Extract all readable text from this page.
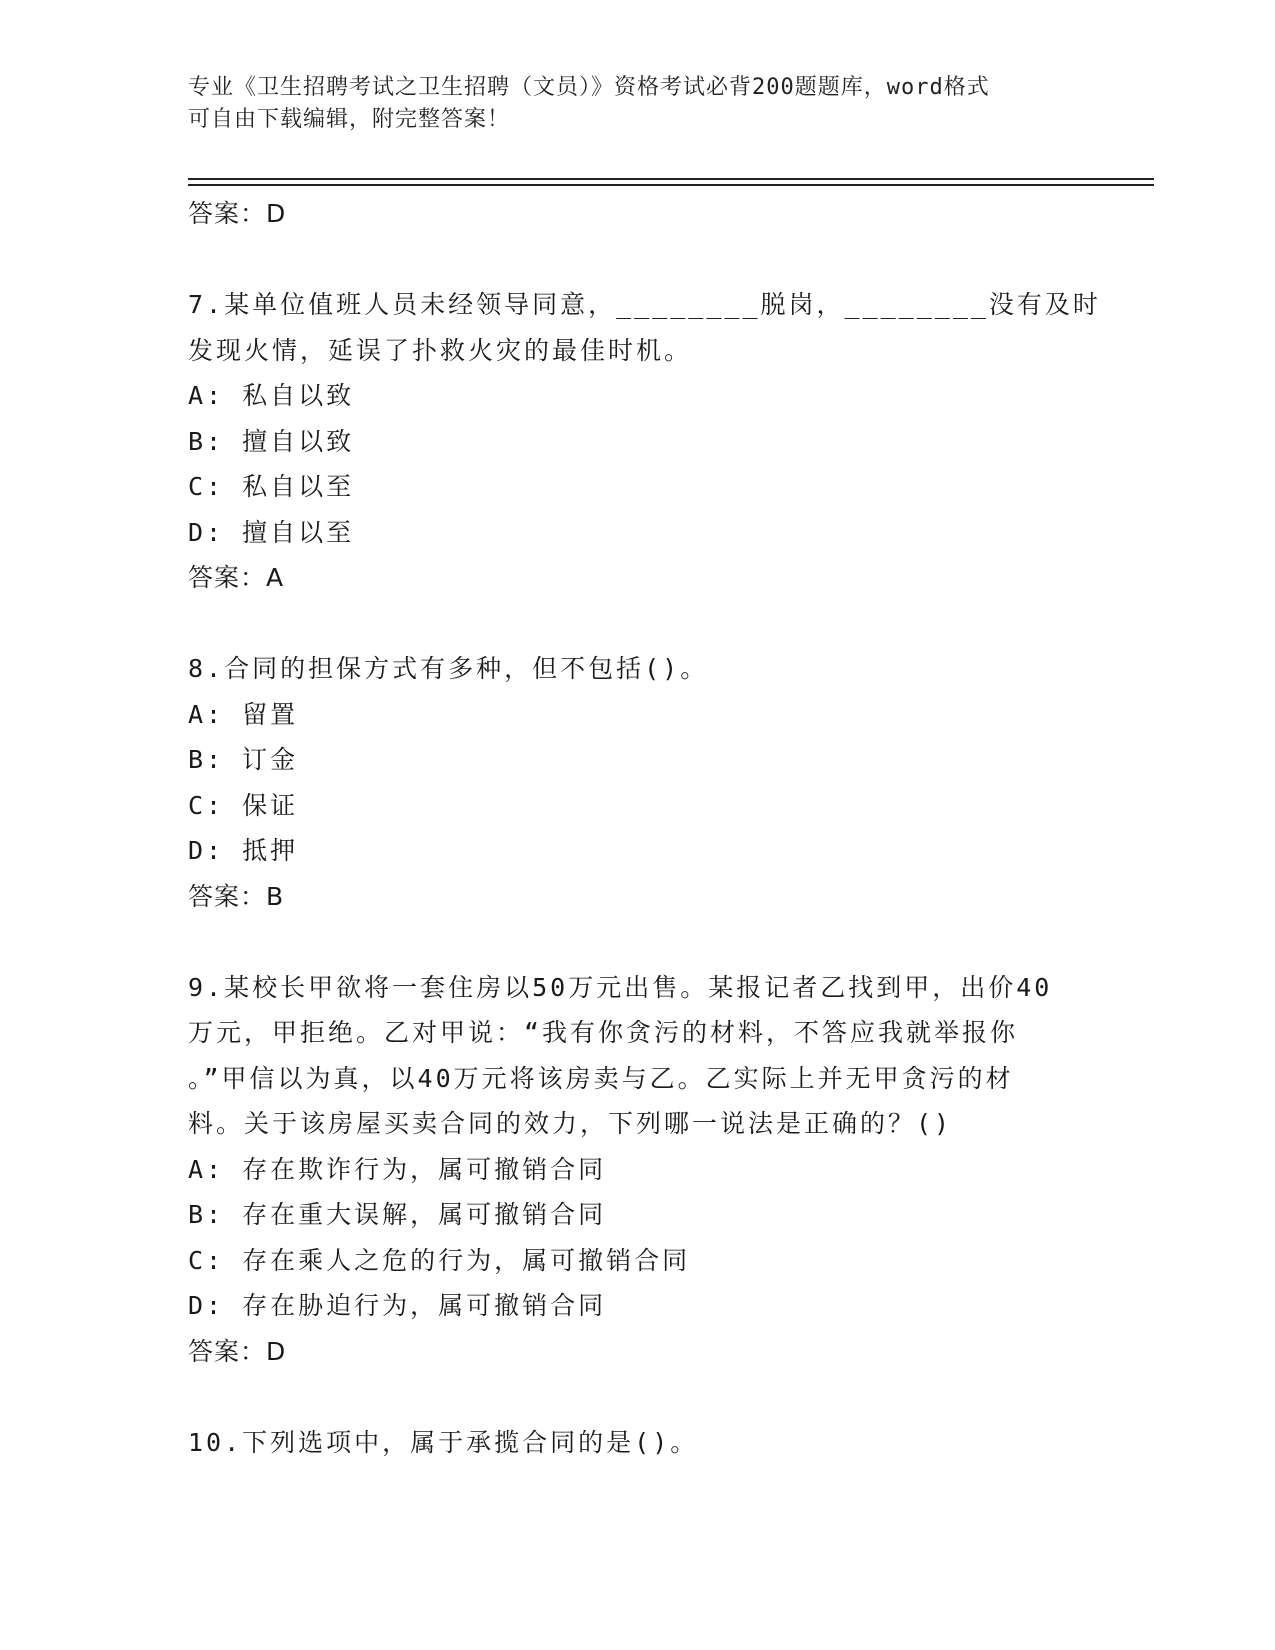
专业《卫生招聘考试之卫生招聘（文员）》资格考试必背200题题库，word格式
可自由下载编辑，附完整答案！
答案：D
7.某单位值班人员未经领导同意，________脱岗，________没有及时
发现火情，延误了扑救火灾的最佳时机。
A: 私自以致
B: 擅自以致
C: 私自以至
D: 擅自以至
答案：A
8.合同的担保方式有多种，但不包括()。
A: 留置
B: 订金
C: 保证
D: 抵押
答案：B
9.某校长甲欲将一套住房以50万元出售。某报记者乙找到甲，出价40
万元，甲拒绝。乙对甲说：“我有你贪污的材料，不答应我就举报你
。”甲信以为真，以40万元将该房卖与乙。乙实际上并无甲贪污的材
料。关于该房屋买卖合同的效力，下列哪一说法是正确的？()
A: 存在欺诈行为，属可撤销合同
B: 存在重大误解，属可撤销合同
C: 存在乘人之危的行为，属可撤销合同
D: 存在胁迫行为，属可撤销合同
答案：D
10.下列选项中，属于承揽合同的是()。
